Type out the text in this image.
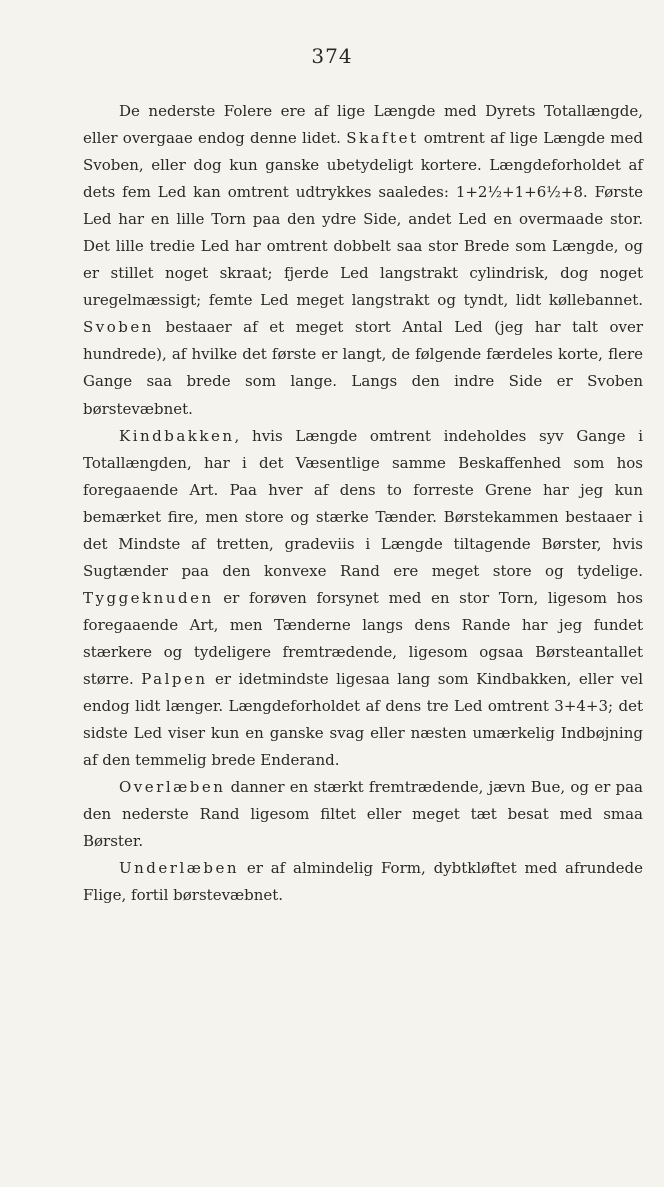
374

De nederste Folere ere af lige Længde med Dyrets Totallængde, eller overgaae endog denne lidet. Skaftet omtrent af lige Længde med Svoben, eller dog kun ganske ubetydeligt kortere. Længdeforholdet af dets fem Led kan omtrent udtrykkes saaledes: 1+2½+1+6½+8. Første Led har en lille Torn paa den ydre Side, andet Led en overmaade stor. Det lille tredie Led har omtrent dobbelt saa stor Brede som Længde, og er stillet noget skraat; fjerde Led langstrakt cylindrisk, dog noget uregelmæssigt; femte Led meget langstrakt og tyndt, lidt køllebannet. Svoben bestaaer af et meget stort Antal Led (jeg har talt over hundrede), af hvilke det første er langt, de følgende færdeles korte, flere Gange saa brede som lange. Langs den indre Side er Svoben børstevæbnet.

Kindbakken, hvis Længde omtrent indeholdes syv Gange i Totallængden, har i det Væsentlige samme Beskaffenhed som hos foregaaende Art. Paa hver af dens to forreste Grene har jeg kun bemærket fire, men store og stærke Tænder. Børstekammen bestaaer i det Mindste af tretten, gradeviis i Længde tiltagende Børster, hvis Sugtænder paa den konvexe Rand ere meget store og tydelige. Tyggeknuden er forøven forsynet med en stor Torn, ligesom hos foregaaende Art, men Tænderne langs dens Rande har jeg fundet stærkere og tydeligere fremtrædende, ligesom ogsaa Børsteantallet større. Palpen er idetmindste ligesaa lang som Kindbakken, eller vel endog lidt længer. Længdeforholdet af dens tre Led omtrent 3+4+3; det sidste Led viser kun en ganske svag eller næsten umærkelig Indbøjning af den temmelig brede Enderand.

Overlæben danner en stærkt fremtrædende, jævn Bue, og er paa den nederste Rand ligesom filtet eller meget tæt besat med smaa Børster.

Underlæben er af almindelig Form, dybtkløftet med afrundede Flige, fortil børstevæbnet.
